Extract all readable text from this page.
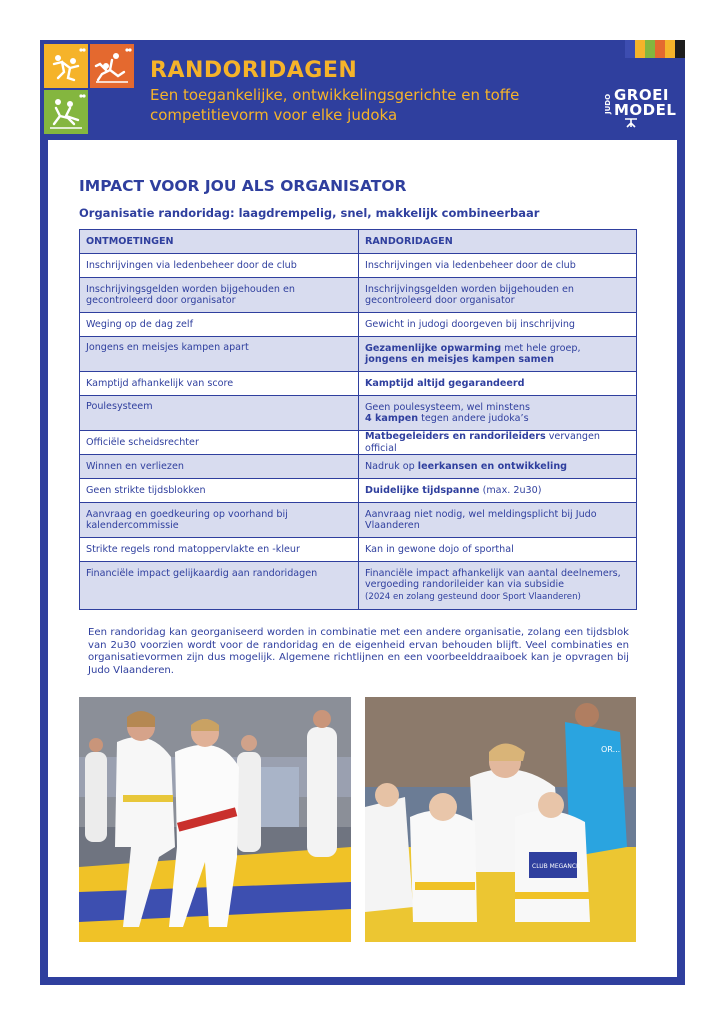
RANDORIDAGEN
Een toegankelijke, ontwikkelingsgerichte en toffe competitievorm voor elke judoka
JUDO GROEI
MODEL
IMPACT VOOR JOU ALS ORGANISATOR
Organisatie randoridag: laagdrempelig, snel, makkelijk combineerbaar
ONTMOETINGEN	RANDORIDAGEN
Inschrijvingen via ledenbeheer door de club	Inschrijvingen via ledenbeheer door de club
Inschrijvingsgelden worden bijgehouden en gecontroleerd door organisator	Inschrijvingsgelden worden bijgehouden en gecontroleerd door organisator
Weging op de dag zelf	Gewicht in judogi doorgeven bij inschrijving
Jongens en meisjes kampen apart	Gezamenlijke opwarming met hele groep,
jongens en meisjes kampen samen
Kamptijd afhankelijk van score	Kamptijd altijd gegarandeerd
Poulesysteem	Geen poulesysteem, wel minstens
4 kampen tegen andere judoka’s
Officiële scheidsrechter	Matbegeleiders en randorileiders vervangen official
Winnen en verliezen	Nadruk op leerkansen en ontwikkeling
Geen strikte tijdsblokken	Duidelijke tijdspanne (max. 2u30)
Aanvraag en goedkeuring op voorhand bij kalendercommissie	Aanvraag niet nodig, wel meldingsplicht bij Judo Vlaanderen
Strikte regels rond matoppervlakte en -kleur	Kan in gewone dojo of sporthal
Financiële impact gelijkaardig aan randoridagen	Financiële impact afhankelijk van aantal deelnemers, vergoeding randorileider kan via subsidie
(2024 en zolang gesteund door Sport Vlaanderen)

Een randoridag kan georganiseerd worden in combinatie met een andere organisatie, zolang een tijdsblok van 2u30 voorzien wordt voor de randoridag en de eigenheid ervan behouden blijft. Veel combinaties en organisatievormen zijn dus mogelijk. Algemene richtlijnen en een voorbeelddraaiboek kan je opvragen bij Judo Vlaanderen.

OR...
CLUB MEGANCK
